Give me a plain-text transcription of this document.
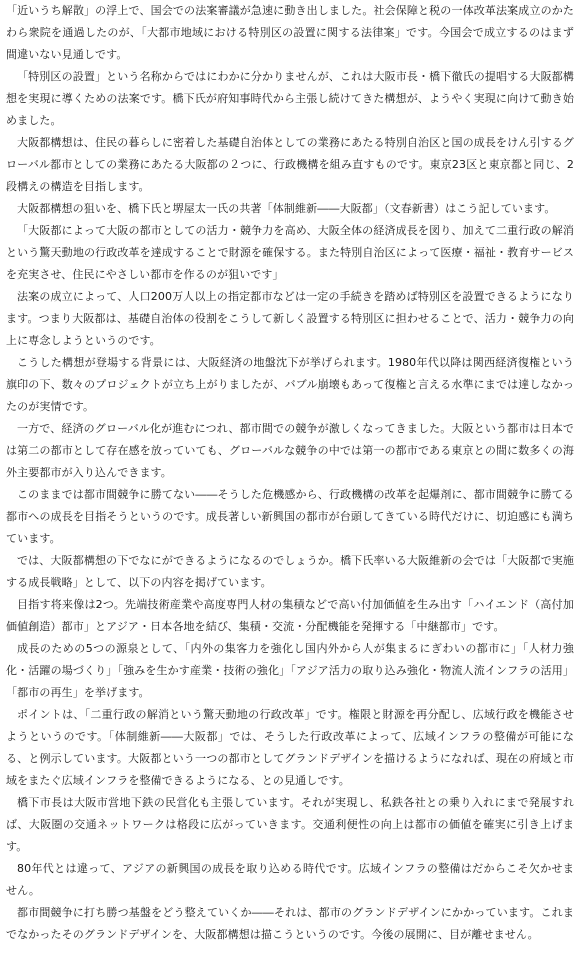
「近いうち解散」の浮上で、国会での法案審議が急速に動き出しました。社会保障と税の一体改革法案成立のかたわら衆院を通過したのが、「大都市地域における特別区の設置に関する法律案」です。今国会で成立するのはまず間違いない見通しです。

「特別区の設置」という名称からではにわかに分かりませんが、これは大阪市長・橋下徹氏の提唱する大阪都構想を実現に導くための法案です。橋下氏が府知事時代から主張し続けてきた構想が、ようやく実現に向けて動き始めました。

大阪都構想は、住民の暮らしに密着した基礎自治体としての業務にあたる特別自治区と国の成長をけん引するグローバル都市としての業務にあたる大阪都の２つに、行政機構を組み直すものです。東京23区と東京都と同じ、2段構えの構造を目指します。

大阪都構想の狙いを、橋下氏と堺屋太一氏の共著「体制維新――大阪都」（文春新書）はこう記しています。

「大阪都によって大阪の都市としての活力・競争力を高め、大阪全体の経済成長を図り、加えて二重行政の解消という驚天動地の行政改革を達成することで財源を確保する。また特別自治区によって医療・福祉・教育サービスを充実させ、住民にやさしい都市を作るのが狙いです」

法案の成立によって、人口200万人以上の指定都市などは一定の手続きを踏めば特別区を設置できるようになります。つまり大阪都は、基礎自治体の役割をこうして新しく設置する特別区に担わせることで、活力・競争力の向上に専念しようというのです。

こうした構想が登場する背景には、大阪経済の地盤沈下が挙げられます。1980年代以降は関西経済復権という旗印の下、数々のプロジェクトが立ち上がりましたが、バブル崩壊もあって復権と言える水準にまでは達しなかったのが実情です。

一方で、経済のグローバル化が進むにつれ、都市間での競争が激しくなってきました。大阪という都市は日本では第二の都市として存在感を放っていても、グローバルな競争の中では第一の都市である東京との間に数多くの海外主要都市が入り込んできます。

このままでは都市間競争に勝てない――そうした危機感から、行政機構の改革を起爆剤に、都市間競争に勝てる都市への成長を目指そうというのです。成長著しい新興国の都市が台頭してきている時代だけに、切迫感にも満ちています。

では、大阪都構想の下でなにができるようになるのでしょうか。橋下氏率いる大阪維新の会では「大阪都で実施する成長戦略」として、以下の内容を掲げています。

目指す将来像は2つ。先端技術産業や高度専門人材の集積などで高い付加価値を生み出す「ハイエンド（高付加価値創造）都市」とアジア・日本各地を結び、集積・交流・分配機能を発揮する「中継都市」です。

成長のための5つの源泉として、「内外の集客力を強化し国内外から人が集まるにぎわいの都市に」「人材力強化・活躍の場づくり」「強みを生かす産業・技術の強化」「アジア活力の取り込み強化・物流人流インフラの活用」「都市の再生」を挙げます。

ポイントは、「二重行政の解消という驚天動地の行政改革」です。権限と財源を再分配し、広域行政を機能させようというのです。「体制維新――大阪都」では、そうした行政改革によって、広域インフラの整備が可能になる、と例示しています。大阪都という一つの都市としてグランドデザインを描けるようになれば、現在の府域と市域をまたぐ広域インフラを整備できるようになる、との見通しです。

橋下市長は大阪市営地下鉄の民営化も主張しています。それが実現し、私鉄各社との乗り入れにまで発展すれば、大阪圏の交通ネットワークは格段に広がっていきます。交通利便性の向上は都市の価値を確実に引き上げます。

80年代とは違って、アジアの新興国の成長を取り込める時代です。広域インフラの整備はだからこそ欠かせません。

都市間競争に打ち勝つ基盤をどう整えていくか――それは、都市のグランドデザインにかかっています。これまでなかったそのグランドデザインを、大阪都構想は描こうというのです。今後の展開に、目が離せません。
